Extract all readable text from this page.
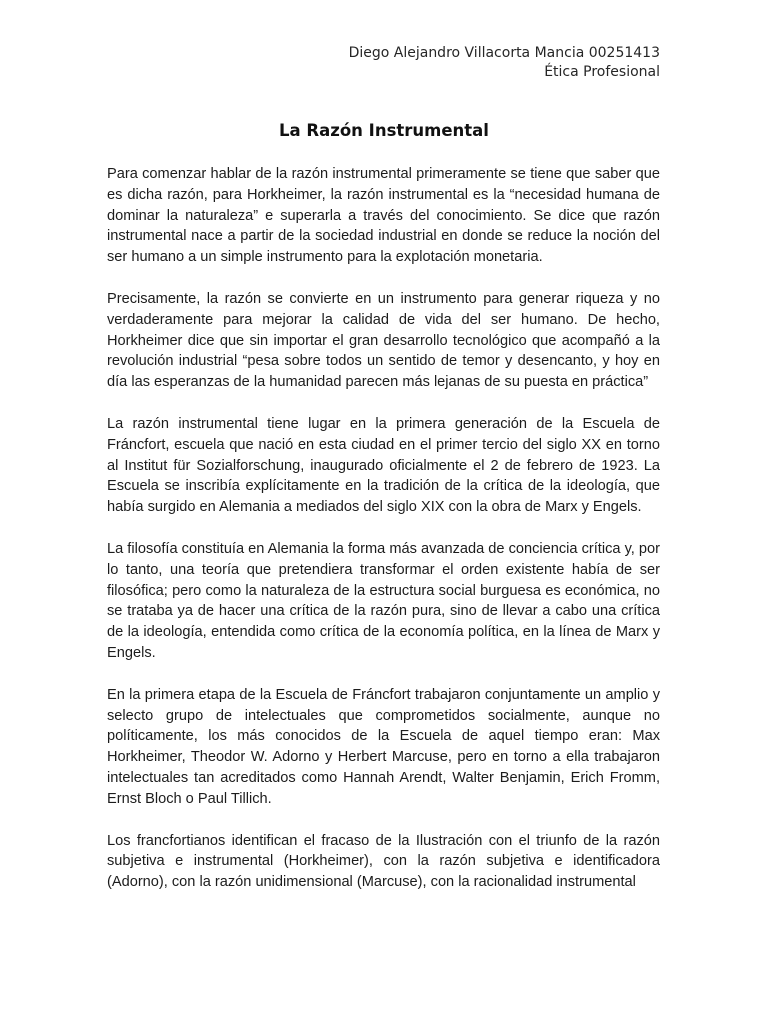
Diego Alejandro Villacorta Mancia 00251413
Ética Profesional
La Razón Instrumental

Para comenzar hablar de la razón instrumental primeramente se tiene que saber que es dicha razón, para Horkheimer, la razón instrumental es la “necesidad humana de dominar la naturaleza” e superarla a través del conocimiento. Se dice que razón instrumental nace a partir de la sociedad industrial en donde se reduce la noción del ser humano a un simple instrumento para la explotación monetaria.

Precisamente, la razón se convierte en un instrumento para generar riqueza y no verdaderamente para mejorar la calidad de vida del ser humano. De hecho, Horkheimer dice que sin importar el gran desarrollo tecnológico que acompañó a la revolución industrial “pesa sobre todos un sentido de temor y desencanto, y hoy en día las esperanzas de la humanidad parecen más lejanas de su puesta en práctica”

La razón instrumental tiene lugar en la primera generación de la Escuela de Fráncfort, escuela que nació en esta ciudad en el primer tercio del siglo XX en torno al Institut für Sozialforschung, inaugurado oficialmente el 2 de febrero de 1923. La Escuela se inscribía explícitamente en la tradición de la crítica de la ideología, que había surgido en Alemania a mediados del siglo XIX con la obra de Marx y Engels.

La filosofía constituía en Alemania la forma más avanzada de conciencia crítica y, por lo tanto, una teoría que pretendiera transformar el orden existente había de ser filosófica; pero como la naturaleza de la estructura social burguesa es económica, no se trataba ya de hacer una crítica de la razón pura, sino de llevar a cabo una crítica de la ideología, entendida como crítica de la economía política, en la línea de Marx y Engels.

En la primera etapa de la Escuela de Fráncfort trabajaron conjuntamente un amplio y selecto grupo de intelectuales que comprometidos socialmente, aunque no políticamente, los más conocidos de la Escuela de aquel tiempo eran: Max Horkheimer, Theodor W. Adorno y Herbert Marcuse, pero en torno a ella trabajaron intelectuales tan acreditados como Hannah Arendt, Walter Benjamin, Erich Fromm, Ernst Bloch o Paul Tillich.

Los francfortianos identifican el fracaso de la Ilustración con el triunfo de la razón subjetiva e instrumental (Horkheimer), con la razón subjetiva e identificadora (Adorno), con la razón unidimensional (Marcuse), con la racionalidad instrumental
